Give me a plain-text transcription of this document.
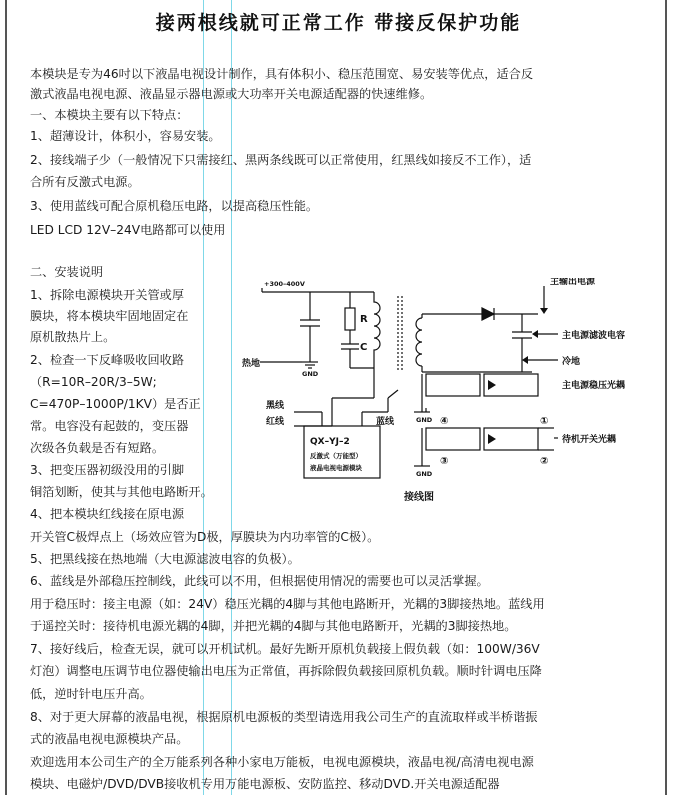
接两根线就可正常工作 带接反保护功能
本模块是专为46吋以下液晶电视设计制作，具有体积小、稳压范围宽、易安装等优点，适合反
激式液晶电视电源、液晶显示器电源或大功率开关电源适配器的快速维修。
一、本模块主要有以下特点：
1、超薄设计，体积小，容易安装。
2、接线端子少（一般情况下只需接红、黑两条线既可以正常使用，红黑线如接反不工作），适
合所有反激式电源。
3、使用蓝线可配合原机稳压电路，以提高稳压性能。
LED LCD 12V–24V电路都可以使用
二、安装说明
1、拆除电源模块开关管或厚
膜块，将本模块牢固地固定在
原机散热片上。
2、检查一下反峰吸收回收路
（R=10R–20R/3–5W;
C=470P–1000P/1KV）是否正
常。电容没有起鼓的，变压器
次级各负载是否有短路。
3、把变压器初级没用的引脚
铜箔划断，使其与其他电路断开。
4、把本模块红线接在原电源
开关管C极焊点上（场效应管为D极，厚膜块为内功率管的C极）。
5、把黑线接在热地端（大电源滤波电容的负极）。
6、蓝线是外部稳压控制线，此线可以不用，但根据使用情况的需要也可以灵活掌握。
用于稳压时：接主电源（如：24V）稳压光耦的4脚与其他电路断开，光耦的3脚接热地。蓝线用
于遥控关时：接待机电源光耦的4脚，并把光耦的4脚与其他电路断开，光耦的3脚接热地。
7、接好线后，检查无误，就可以开机试机。最好先断开原机负载接上假负载（如：100W/36V
灯泡）调整电压调节电位器使输出电压为正常值，再拆除假负载接回原机负载。顺时针调电压降
低，逆时针电压升高。
8、对于更大屏幕的液晶电视，根据原机电源板的类型请选用我公司生产的直流取样或半桥谐振
式的液晶电视电源模块产品。
欢迎选用本公司生产的全万能系列各种小家电万能板，电视电源模块，液晶电视/高清电视电源
模块、电磁炉/DVD/DVB接收机专用万能电源板、安防监控、移动DVD.开关电源适配器
+300–400V
R
C
GND
热地
黑线
红线	蓝线
QX–YJ–2
反激式（万能型）
液晶电视电源模块
主输出电源
主电源滤波电容
冷地
主电源稳压光耦
待机开关光耦
GND
GND
④
③
①
②
接线图
